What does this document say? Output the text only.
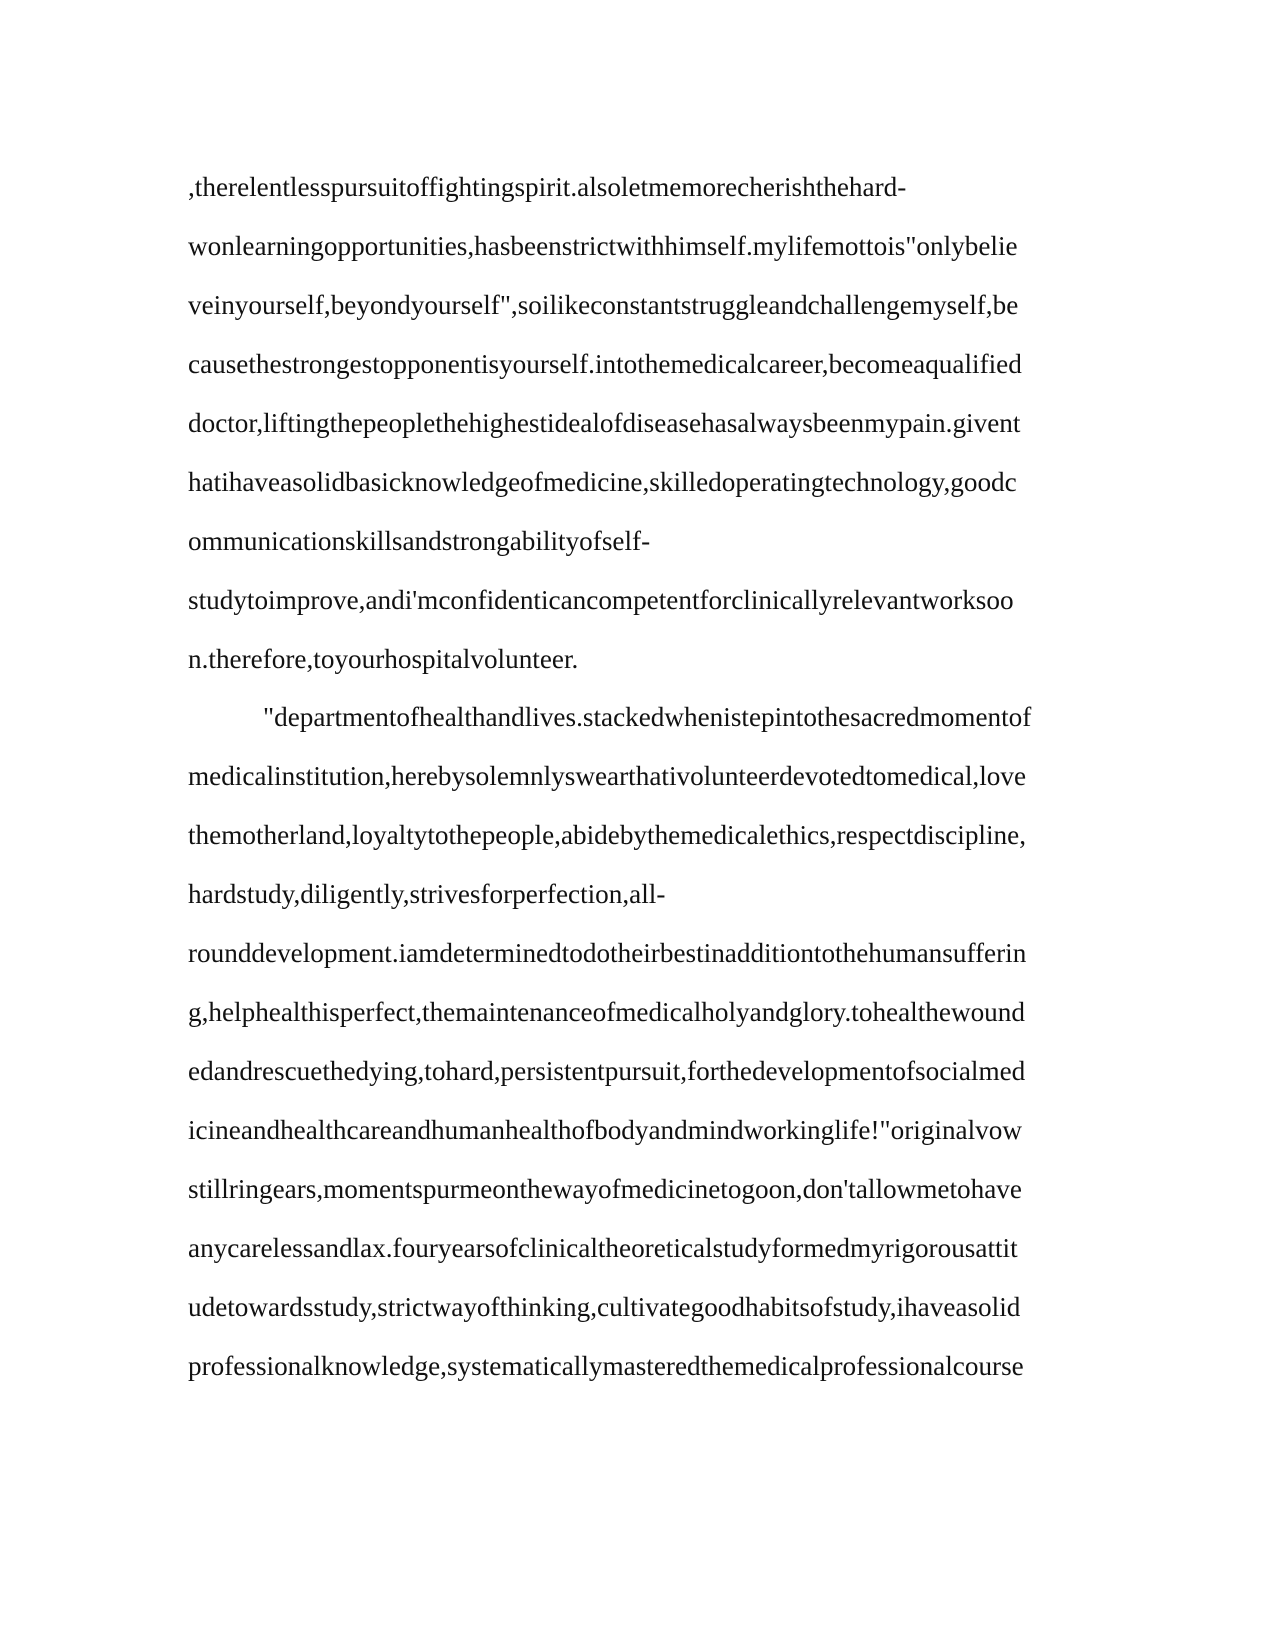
,therelentlesspursuitoffightingspirit.alsoletmemorecherishthehard-
wonlearningopportunities,hasbeenstrictwithhimself.mylifemottois"onlybelie
veinyourself,beyondyourself",soilikeconstantstruggleandchallengemyself,be
causethestrongestopponentisyourself.intothemedicalcareer,becomeaqualified
doctor,liftingthepeoplethehighestidealofdiseasehasalwaysbeenmypain.givent
hatihaveasolidbasicknowledgeofmedicine,skilledoperatingtechnology,goodc
ommunicationskillsandstrongabilityofself-
studytoimprove,andi'mconfidenticancompetentforclinicallyrelevantworksoo
n.therefore,toyourhospitalvolunteer.
"departmentofhealthandlives.stackedwhenistepintothesacredmomentof
medicalinstitution,herebysolemnlyswearthativolunteerdevotedtomedical,love
themotherland,loyaltytothepeople,abidebythemedicalethics,respectdiscipline,
hardstudy,diligently,strivesforperfection,all-
rounddevelopment.iamdeterminedtodotheirbestinadditiontothehumansufferin
g,helphealthisperfect,themaintenanceofmedicalholyandglory.tohealthewound
edandrescuethedying,tohard,persistentpursuit,forthedevelopmentofsocialmed
icineandhealthcareandhumanhealthofbodyandmindworkinglife!"originalvow
stillringears,momentspurmeonthewayofmedicinetogoon,don'tallowmetohave
anycarelessandlax.fouryearsofclinicaltheoreticalstudyformedmyrigorousattit
udetowardsstudy,strictwayofthinking,cultivategoodhabitsofstudy,ihaveasolid
professionalknowledge,systematicallymasteredthemedicalprofessionalcourse
